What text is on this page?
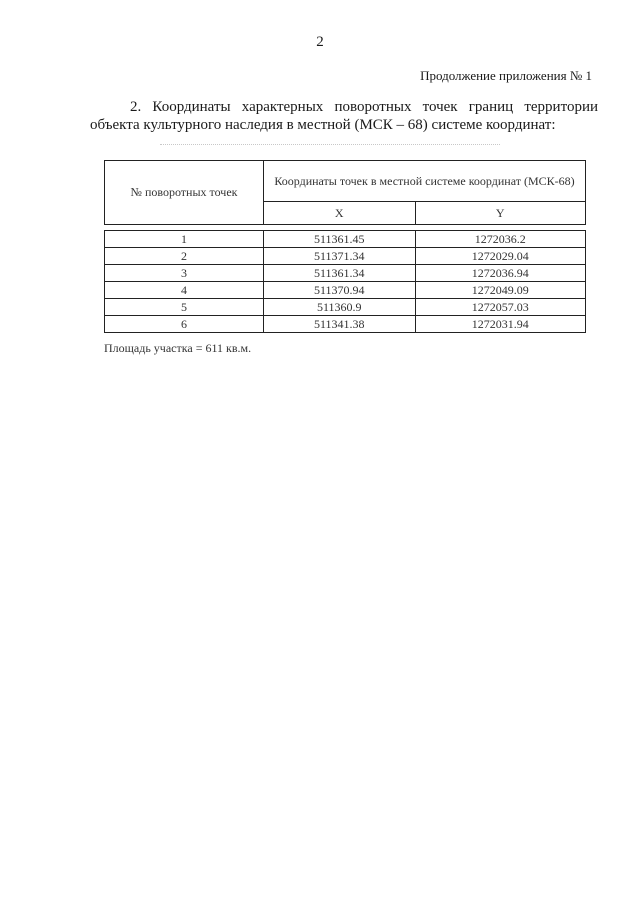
2
Продолжение приложения № 1
2. Координаты характерных поворотных точек границ территории объекта культурного наследия в местной (МСК – 68) системе координат:
№ поворотных точек	Координаты точек в местной системе координат (МСК-68)	
	X	Y

1	511361.45	1272036.2
2	511371.34	1272029.04
3	511361.34	1272036.94
4	511370.94	1272049.09
5	511360.9	1272057.03
6	511341.38	1272031.94
Площадь участка = 611 кв.м.
